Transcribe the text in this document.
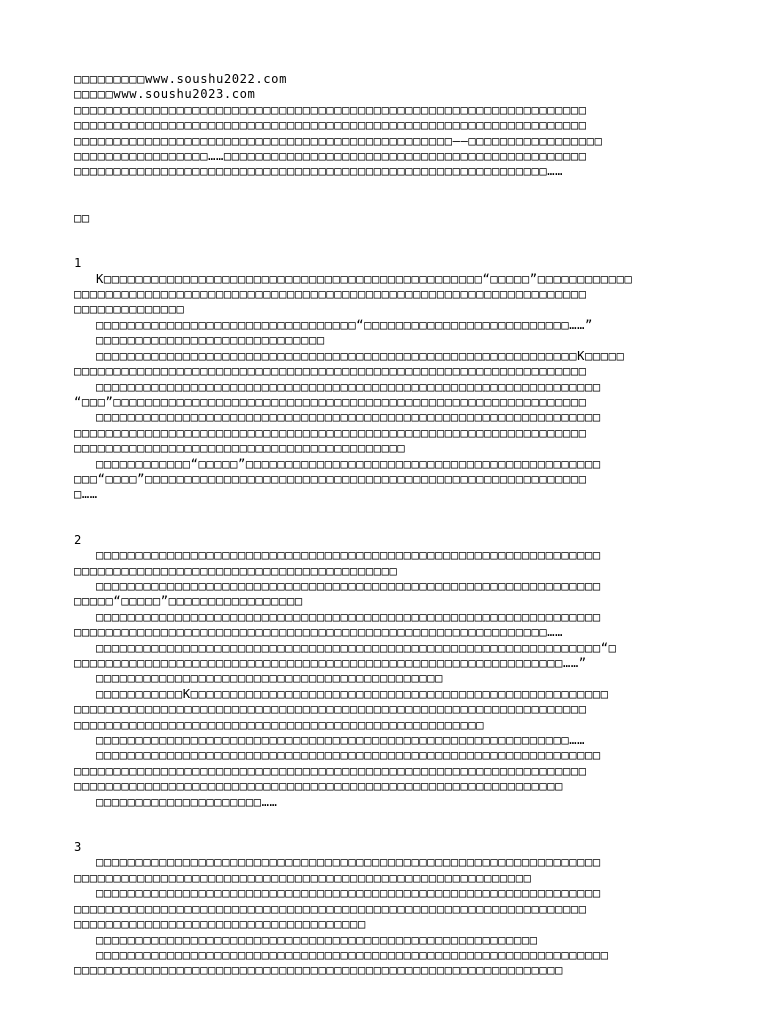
□□□□□□□□□www.soushu2022.com
□□□□□www.soushu2023.com
□□□□□□□□□□□□□□□□□□□□□□□□□□□□□□□□□□□□□□□□□□□□□□□□□□□□□□□□□□□□□□□□□
□□□□□□□□□□□□□□□□□□□□□□□□□□□□□□□□□□□□□□□□□□□□□□□□□□□□□□□□□□□□□□□□□
□□□□□□□□□□□□□□□□□□□□□□□□□□□□□□□□□□□□□□□□□□□□□□□□——□□□□□□□□□□□□□□□□□
□□□□□□□□□□□□□□□□□……□□□□□□□□□□□□□□□□□□□□□□□□□□□□□□□□□□□□□□□□□□□□□□
□□□□□□□□□□□□□□□□□□□□□□□□□□□□□□□□□□□□□□□□□□□□□□□□□□□□□□□□□□□□……
□□
1
K□□□□□□□□□□□□□□□□□□□□□□□□□□□□□□□□□□□□□□□□□□□□□□□□“□□□□□”□□□□□□□□□□□□
□□□□□□□□□□□□□□□□□□□□□□□□□□□□□□□□□□□□□□□□□□□□□□□□□□□□□□□□□□□□□□□□□
□□□□□□□□□□□□□□
□□□□□□□□□□□□□□□□□□□□□□□□□□□□□□□□□“□□□□□□□□□□□□□□□□□□□□□□□□□□……”
□□□□□□□□□□□□□□□□□□□□□□□□□□□□□
□□□□□□□□□□□□□□□□□□□□□□□□□□□□□□□□□□□□□□□□□□□□□□□□□□□□□□□□□□□□□K□□□□□
□□□□□□□□□□□□□□□□□□□□□□□□□□□□□□□□□□□□□□□□□□□□□□□□□□□□□□□□□□□□□□□□□
□□□□□□□□□□□□□□□□□□□□□□□□□□□□□□□□□□□□□□□□□□□□□□□□□□□□□□□□□□□□□□□□
“□□□”□□□□□□□□□□□□□□□□□□□□□□□□□□□□□□□□□□□□□□□□□□□□□□□□□□□□□□□□□□□□
□□□□□□□□□□□□□□□□□□□□□□□□□□□□□□□□□□□□□□□□□□□□□□□□□□□□□□□□□□□□□□□□
□□□□□□□□□□□□□□□□□□□□□□□□□□□□□□□□□□□□□□□□□□□□□□□□□□□□□□□□□□□□□□□□□
□□□□□□□□□□□□□□□□□□□□□□□□□□□□□□□□□□□□□□□□□□
□□□□□□□□□□□□“□□□□□”□□□□□□□□□□□□□□□□□□□□□□□□□□□□□□□□□□□□□□□□□□□□□
□□□“□□□□”□□□□□□□□□□□□□□□□□□□□□□□□□□□□□□□□□□□□□□□□□□□□□□□□□□□□□□□□
□……
2
□□□□□□□□□□□□□□□□□□□□□□□□□□□□□□□□□□□□□□□□□□□□□□□□□□□□□□□□□□□□□□□□
□□□□□□□□□□□□□□□□□□□□□□□□□□□□□□□□□□□□□□□□□
□□□□□□□□□□□□□□□□□□□□□□□□□□□□□□□□□□□□□□□□□□□□□□□□□□□□□□□□□□□□□□□□
□□□□□“□□□□□”□□□□□□□□□□□□□□□□□
□□□□□□□□□□□□□□□□□□□□□□□□□□□□□□□□□□□□□□□□□□□□□□□□□□□□□□□□□□□□□□□□
□□□□□□□□□□□□□□□□□□□□□□□□□□□□□□□□□□□□□□□□□□□□□□□□□□□□□□□□□□□□……
□□□□□□□□□□□□□□□□□□□□□□□□□□□□□□□□□□□□□□□□□□□□□□□□□□□□□□□□□□□□□□□□“□
□□□□□□□□□□□□□□□□□□□□□□□□□□□□□□□□□□□□□□□□□□□□□□□□□□□□□□□□□□□□□□……”
□□□□□□□□□□□□□□□□□□□□□□□□□□□□□□□□□□□□□□□□□□□□
□□□□□□□□□□□K□□□□□□□□□□□□□□□□□□□□□□□□□□□□□□□□□□□□□□□□□□□□□□□□□□□□□
□□□□□□□□□□□□□□□□□□□□□□□□□□□□□□□□□□□□□□□□□□□□□□□□□□□□□□□□□□□□□□□□□
□□□□□□□□□□□□□□□□□□□□□□□□□□□□□□□□□□□□□□□□□□□□□□□□□□□□
□□□□□□□□□□□□□□□□□□□□□□□□□□□□□□□□□□□□□□□□□□□□□□□□□□□□□□□□□□□□……
□□□□□□□□□□□□□□□□□□□□□□□□□□□□□□□□□□□□□□□□□□□□□□□□□□□□□□□□□□□□□□□□
□□□□□□□□□□□□□□□□□□□□□□□□□□□□□□□□□□□□□□□□□□□□□□□□□□□□□□□□□□□□□□□□□
□□□□□□□□□□□□□□□□□□□□□□□□□□□□□□□□□□□□□□□□□□□□□□□□□□□□□□□□□□□□□□
□□□□□□□□□□□□□□□□□□□□□……
3
□□□□□□□□□□□□□□□□□□□□□□□□□□□□□□□□□□□□□□□□□□□□□□□□□□□□□□□□□□□□□□□□
□□□□□□□□□□□□□□□□□□□□□□□□□□□□□□□□□□□□□□□□□□□□□□□□□□□□□□□□□□
□□□□□□□□□□□□□□□□□□□□□□□□□□□□□□□□□□□□□□□□□□□□□□□□□□□□□□□□□□□□□□□□
□□□□□□□□□□□□□□□□□□□□□□□□□□□□□□□□□□□□□□□□□□□□□□□□□□□□□□□□□□□□□□□□□
□□□□□□□□□□□□□□□□□□□□□□□□□□□□□□□□□□□□□
□□□□□□□□□□□□□□□□□□□□□□□□□□□□□□□□□□□□□□□□□□□□□□□□□□□□□□□□
□□□□□□□□□□□□□□□□□□□□□□□□□□□□□□□□□□□□□□□□□□□□□□□□□□□□□□□□□□□□□□□□□
□□□□□□□□□□□□□□□□□□□□□□□□□□□□□□□□□□□□□□□□□□□□□□□□□□□□□□□□□□□□□□
